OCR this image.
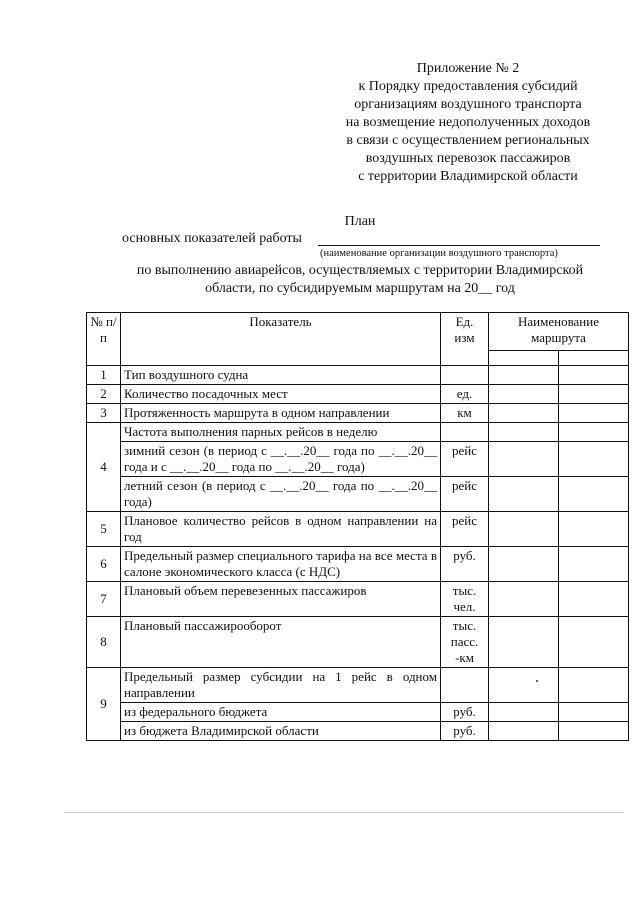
Приложение № 2
к Порядку предоставления субсидий
организациям воздушного транспорта
на возмещение недополученных доходов
в связи с осуществлением региональных
воздушных перевозок пассажиров
с территории Владимирской области
План
основных показателей работы
(наименование организации воздушного транспорта)
по выполнению авиарейсов, осуществляемых с территории Владимирской
области, по субсидируемым маршрутам на 20__ год
№ п/п	Показатель	Ед. изм	Наименование маршрута	

1	Тип воздушного судна			
2	Количество посадочных мест	ед.		
3	Протяженность маршрута в одном направлении	км		
4	Частота выполнения парных рейсов в неделю			
	зимний сезон (в период с __.__.20__ года по __.__.20__ года и с __.__.20__ года по __.__.20__ года)	рейс		
	летний сезон (в период с __.__.20__ года по __.__.20__ года)	рейс		
5	Плановое количество рейсов в одном направлении на год	рейс		
6	Предельный размер специального тарифа на все места в салоне экономического класса (с НДС)	руб.		
7	Плановый объем перевезенных пассажиров	тыс. чел.		
8	Плановый пассажирооборот	тыс. пасс. -км		
9	Предельный размер субсидии на 1 рейс в одном направлении			
	из федерального бюджета	руб.		
	из бюджета Владимирской области	руб.		
